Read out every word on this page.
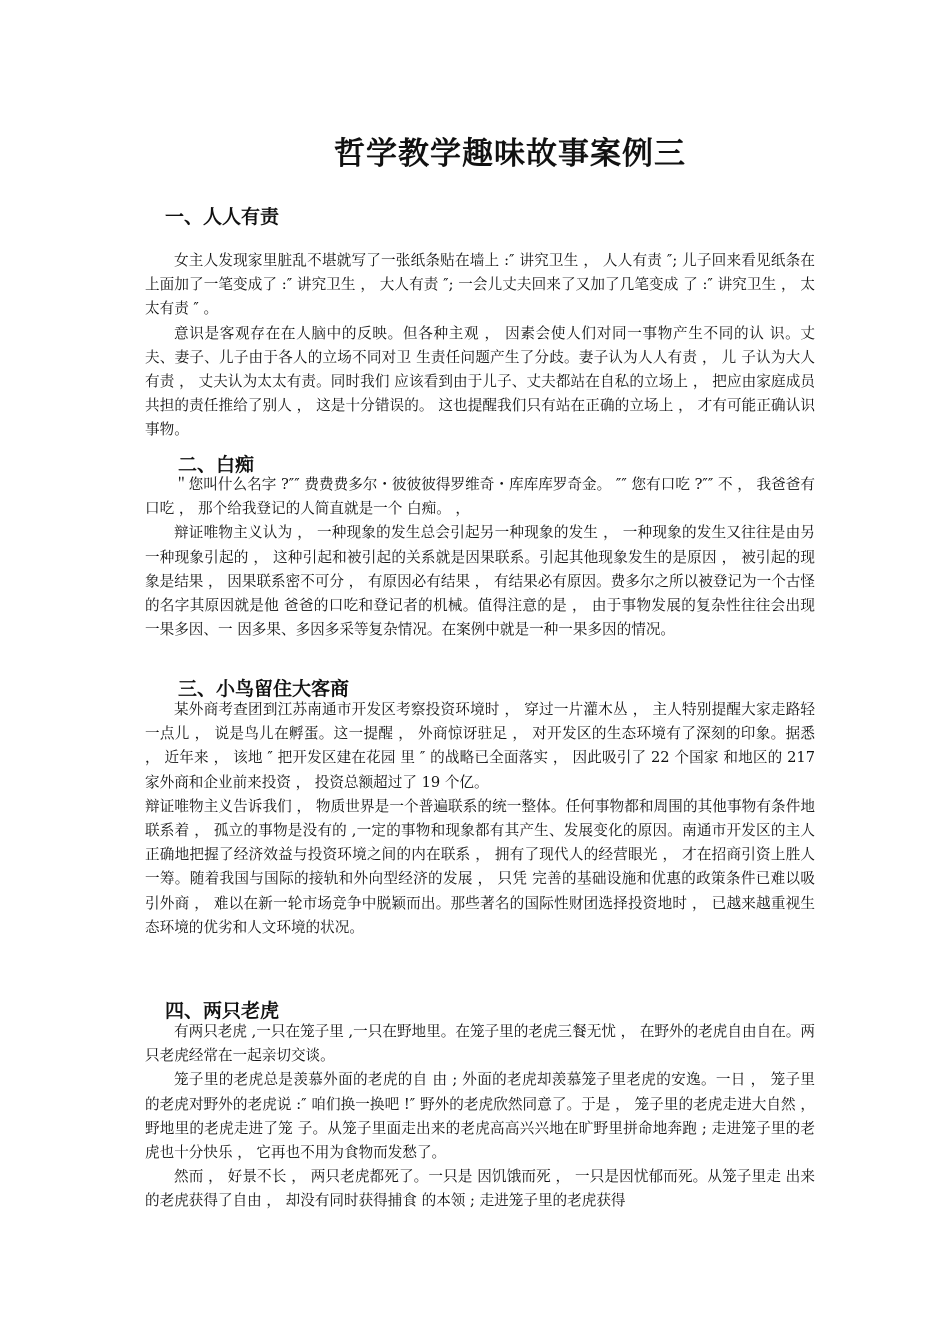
哲学教学趣味故事案例三
一、人人有责

女主人发现家里脏乱不堪就写了一张纸条贴在墙上 :″ 讲究卫生 ， 人人有责 ″; 儿子回来看见纸条在上面加了一笔变成了 :″ 讲究卫生 ， 大人有责 ″; 一会儿丈夫回来了又加了几笔变成 了 :″ 讲究卫生 ， 太太有责 ″ 。

意识是客观存在在人脑中的反映。但各种主观 ， 因素会使人们对同一事物产生不同的认 识。丈夫、妻子、儿子由于各人的立场不同对卫 生责任问题产生了分歧。妻子认为人人有责 ， 儿 子认为大人有责 ， 丈夫认为太太有责。同时我们 应该看到由于儿子、丈夫都站在自私的立场上 ， 把应由家庭成员共担的责任推给了别人 ， 这是十分错误的。 这也提醒我们只有站在正确的立场上 ， 才有可能正确认识事物。

二、白痴

＂您叫什么名字 ?″″ 费费费多尔・彼彼彼得罗维奇・库库库罗奇金。 ″″ 您有口吃 ?″″ 不 ， 我爸爸有口吃 ， 那个给我登记的人简直就是一个 白痴。 ，

辩证唯物主义认为 ， 一种现象的发生总会引起另一种现象的发生 ， 一种现象的发生又往往是由另一种现象引起的 ， 这种引起和被引起的关系就是因果联系。引起其他现象发生的是原因 ， 被引起的现象是结果 ， 因果联系密不可分 ， 有原因必有结果 ， 有结果必有原因。费多尔之所以被登记为一个古怪的名字其原因就是他 爸爸的口吃和登记者的机械。值得注意的是 ， 由于事物发展的复杂性往往会出现一果多因、一 因多果、多因多采等复杂情况。在案例中就是一种一果多因的情况。

三、小鸟留住大客商

某外商考查团到江苏南通市开发区考察投资环境时 ， 穿过一片灌木丛 ， 主人特别提醒大家走路轻一点儿 ， 说是鸟儿在孵蛋。这一提醒 ， 外商惊讶驻足 ， 对开发区的生态环境有了深刻的印象。据悉 ， 近年来 ， 该地 ″ 把开发区建在花园 里 ″ 的战略已全面落实 ， 因此吸引了 22 个国家 和地区的 217 家外商和企业前来投资 ， 投资总额超过了 19 个亿。

辩证唯物主义告诉我们 ， 物质世界是一个普遍联系的统一整体。任何事物都和周围的其他事物有条件地联系着 ， 孤立的事物是没有的 ,一定的事物和现象都有其产生、发展变化的原因。南通市开发区的主人正确地把握了经济效益与投资环境之间的内在联系 ， 拥有了现代人的经营眼光 ， 才在招商引资上胜人一筹。随着我国与国际的接轨和外向型经济的发展 ， 只凭 完善的基础设施和优惠的政策条件已难以吸引外商 ， 难以在新一轮市场竞争中脱颖而出。那些著名的国际性财团选择投资地时 ， 已越来越重视生态环境的优劣和人文环境的状况。

四、两只老虎

有两只老虎 ,一只在笼子里 ,一只在野地里。在笼子里的老虎三餐无忧 ， 在野外的老虎自由自在。两只老虎经常在一起亲切交谈。

笼子里的老虎总是羡慕外面的老虎的自 由 ; 外面的老虎却羡慕笼子里老虎的安逸。一日 ， 笼子里的老虎对野外的老虎说 :″ 咱们换一换吧 !″ 野外的老虎欣然同意了。于是 ， 笼子里的老虎走进大自然 ， 野地里的老虎走进了笼 子。从笼子里面走出来的老虎高高兴兴地在旷野里拼命地奔跑 ; 走进笼子里的老虎也十分快乐 ， 它再也不用为食物而发愁了。

然而 ， 好景不长 ， 两只老虎都死了。一只是 因饥饿而死 ， 一只是因忧郁而死。从笼子里走 出来的老虎获得了自由 ， 却没有同时获得捕食 的本领 ; 走进笼子里的老虎获得
